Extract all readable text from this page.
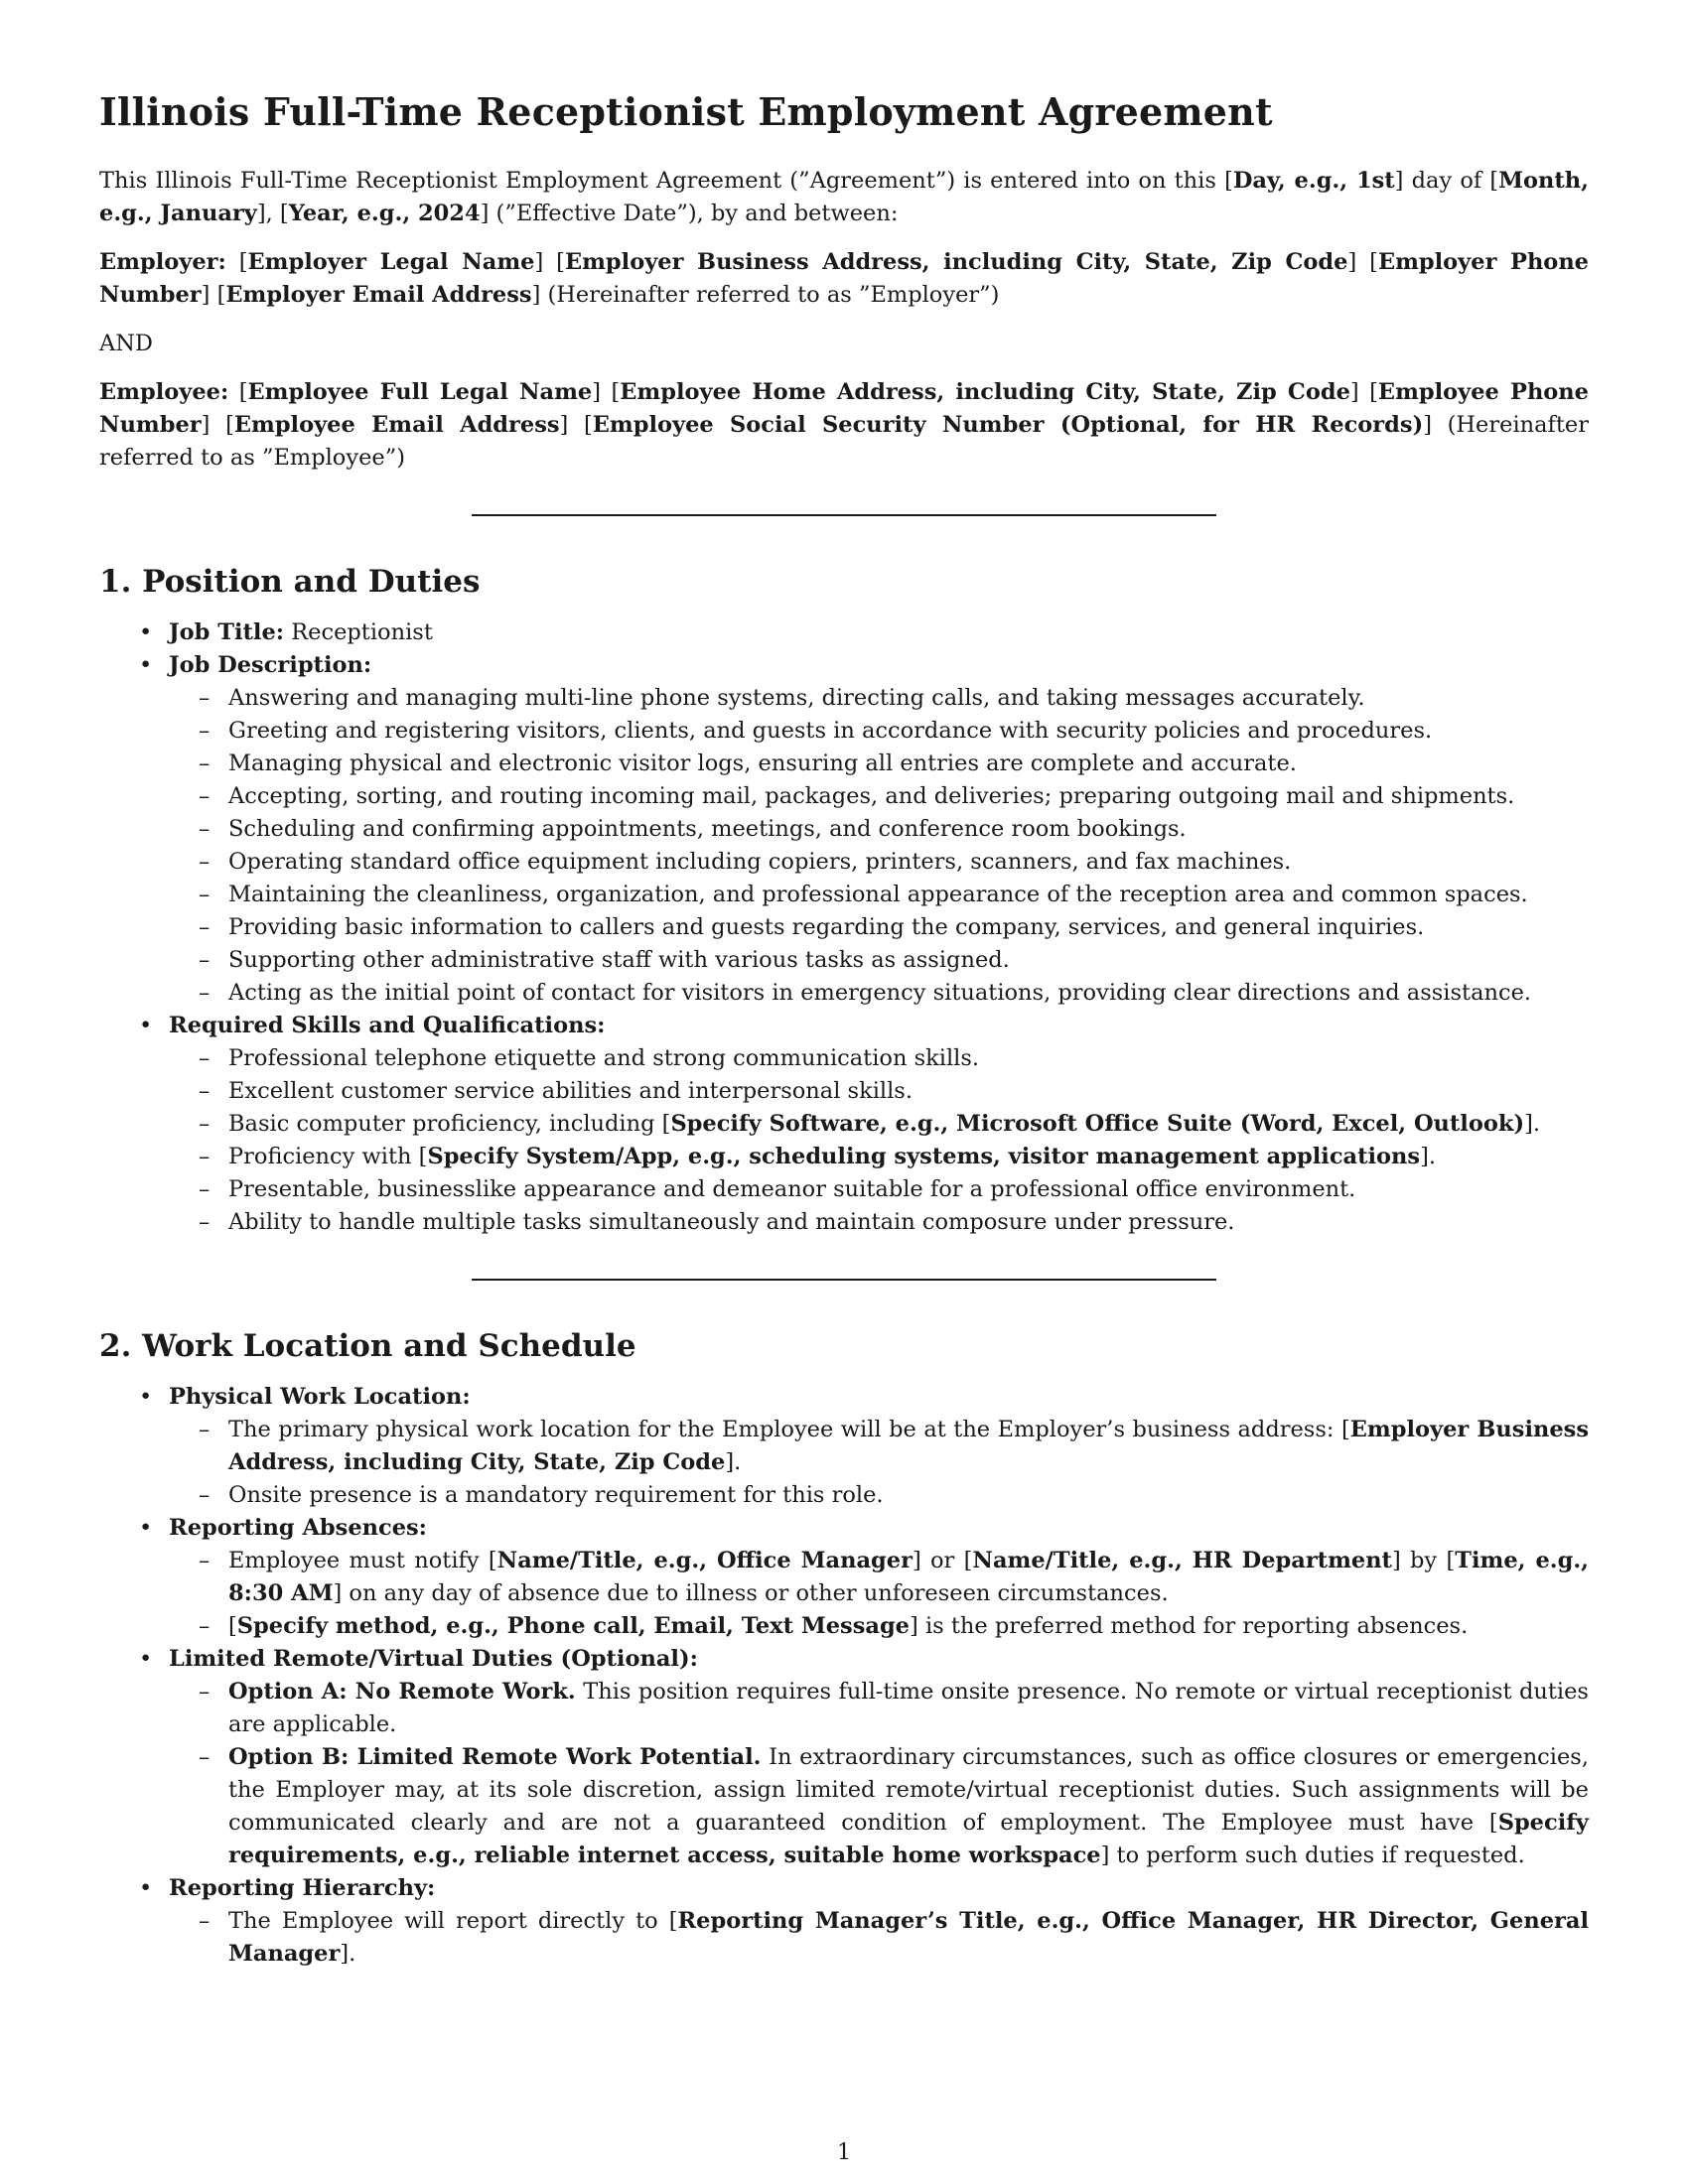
Illinois Full-Time Receptionist Employment Agreement

This Illinois Full-Time Receptionist Employment Agreement (”Agreement”) is entered into on this [Day, e.g., 1st] day of [Month, e.g., January], [Year, e.g., 2024] (”Effective Date”), by and between:

Employer: [Employer Legal Name] [Employer Business Address, including City, State, Zip Code] [Employer Phone Number] [Employer Email Address] (Hereinafter referred to as ”Employer”)

AND

Employee: [Employee Full Legal Name] [Employee Home Address, including City, State, Zip Code] [Employee Phone Number] [Employee Email Address] [Employee Social Security Number (Optional, for HR Records)] (Hereinafter referred to as ”Employee”)

1. Position and Duties
• Job Title: Receptionist
• Job Description:
– Answering and managing multi-line phone systems, directing calls, and taking messages accurately.
– Greeting and registering visitors, clients, and guests in accordance with security policies and procedures.
– Managing physical and electronic visitor logs, ensuring all entries are complete and accurate.
– Accepting, sorting, and routing incoming mail, packages, and deliveries; preparing outgoing mail and shipments.
– Scheduling and confirming appointments, meetings, and conference room bookings.
– Operating standard office equipment including copiers, printers, scanners, and fax machines.
– Maintaining the cleanliness, organization, and professional appearance of the reception area and common spaces.
– Providing basic information to callers and guests regarding the company, services, and general inquiries.
– Supporting other administrative staff with various tasks as assigned.
– Acting as the initial point of contact for visitors in emergency situations, providing clear directions and assistance.
• Required Skills and Qualifications:
– Professional telephone etiquette and strong communication skills.
– Excellent customer service abilities and interpersonal skills.
– Basic computer proficiency, including [Specify Software, e.g., Microsoft Office Suite (Word, Excel, Outlook)].
– Proficiency with [Specify System/App, e.g., scheduling systems, visitor management applications].
– Presentable, businesslike appearance and demeanor suitable for a professional office environment.
– Ability to handle multiple tasks simultaneously and maintain composure under pressure.
2. Work Location and Schedule
• Physical Work Location:
– The primary physical work location for the Employee will be at the Employer’s business address: [Employer Business Address, including City, State, Zip Code].
– Onsite presence is a mandatory requirement for this role.
• Reporting Absences:
– Employee must notify [Name/Title, e.g., Office Manager] or [Name/Title, e.g., HR Department] by [Time, e.g., 8:30 AM] on any day of absence due to illness or other unforeseen circumstances.
– [Specify method, e.g., Phone call, Email, Text Message] is the preferred method for reporting absences.
• Limited Remote/Virtual Duties (Optional):
– Option A: No Remote Work. This position requires full-time onsite presence. No remote or virtual receptionist duties are applicable.
– Option B: Limited Remote Work Potential. In extraordinary circumstances, such as office closures or emergencies, the Employer may, at its sole discretion, assign limited remote/virtual receptionist duties. Such assignments will be communicated clearly and are not a guaranteed condition of employment. The Employee must have [Specify requirements, e.g., reliable internet access, suitable home workspace] to perform such duties if requested.
• Reporting Hierarchy:
– The Employee will report directly to [Reporting Manager’s Title, e.g., Office Manager, HR Director, General Manager].
1
